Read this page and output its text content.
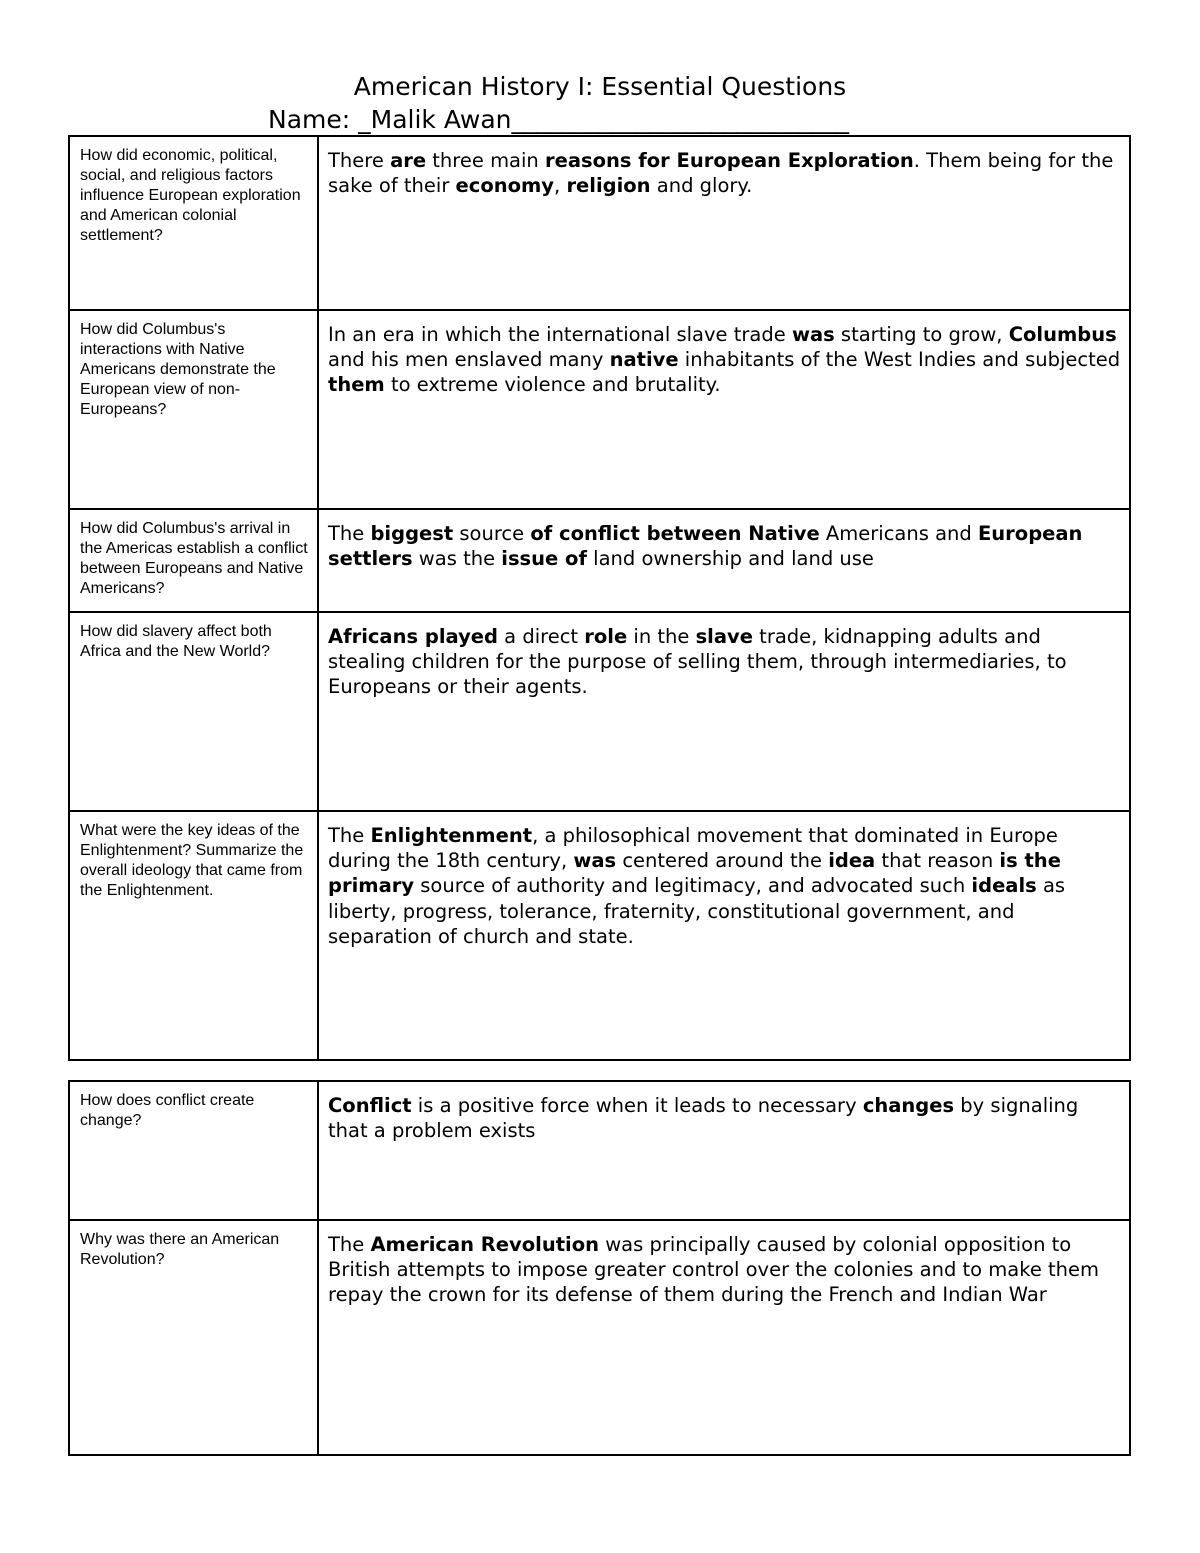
American History I: Essential Questions
Name: _Malik Awan___________________________
How did economic, political, social, and religious factors influence European exploration and American colonial settlement?	There are three main reasons for European Exploration. Them being for the sake of their economy, religion and glory.

How did Columbus's interactions with Native Americans demonstrate the European view of non-Europeans?	In an era in which the international slave trade was starting to grow, Columbus and his men enslaved many native inhabitants of the West Indies and subjected them to extreme violence and brutality.

How did Columbus's arrival in the Americas establish a conflict between Europeans and Native Americans?	The biggest source of conflict between Native Americans and European settlers was the issue of land ownership and land use

How did slavery affect both Africa and the New World?	Africans played a direct role in the slave trade, kidnapping adults and stealing children for the purpose of selling them, through intermediaries, to Europeans or their agents.

What were the key ideas of the Enlightenment? Summarize the overall ideology that came from the Enlightenment.	The Enlightenment, a philosophical movement that dominated in Europe during the 18th century, was centered around the idea that reason is the primary source of authority and legitimacy, and advocated such ideals as liberty, progress, tolerance, fraternity, constitutional government, and separation of church and state.
How does conflict create change?	Conflict is a positive force when it leads to necessary changes by signaling that a problem exists

Why was there an American Revolution?	The American Revolution was principally caused by colonial opposition to British attempts to impose greater control over the colonies and to make them repay the crown for its defense of them during the French and Indian War
